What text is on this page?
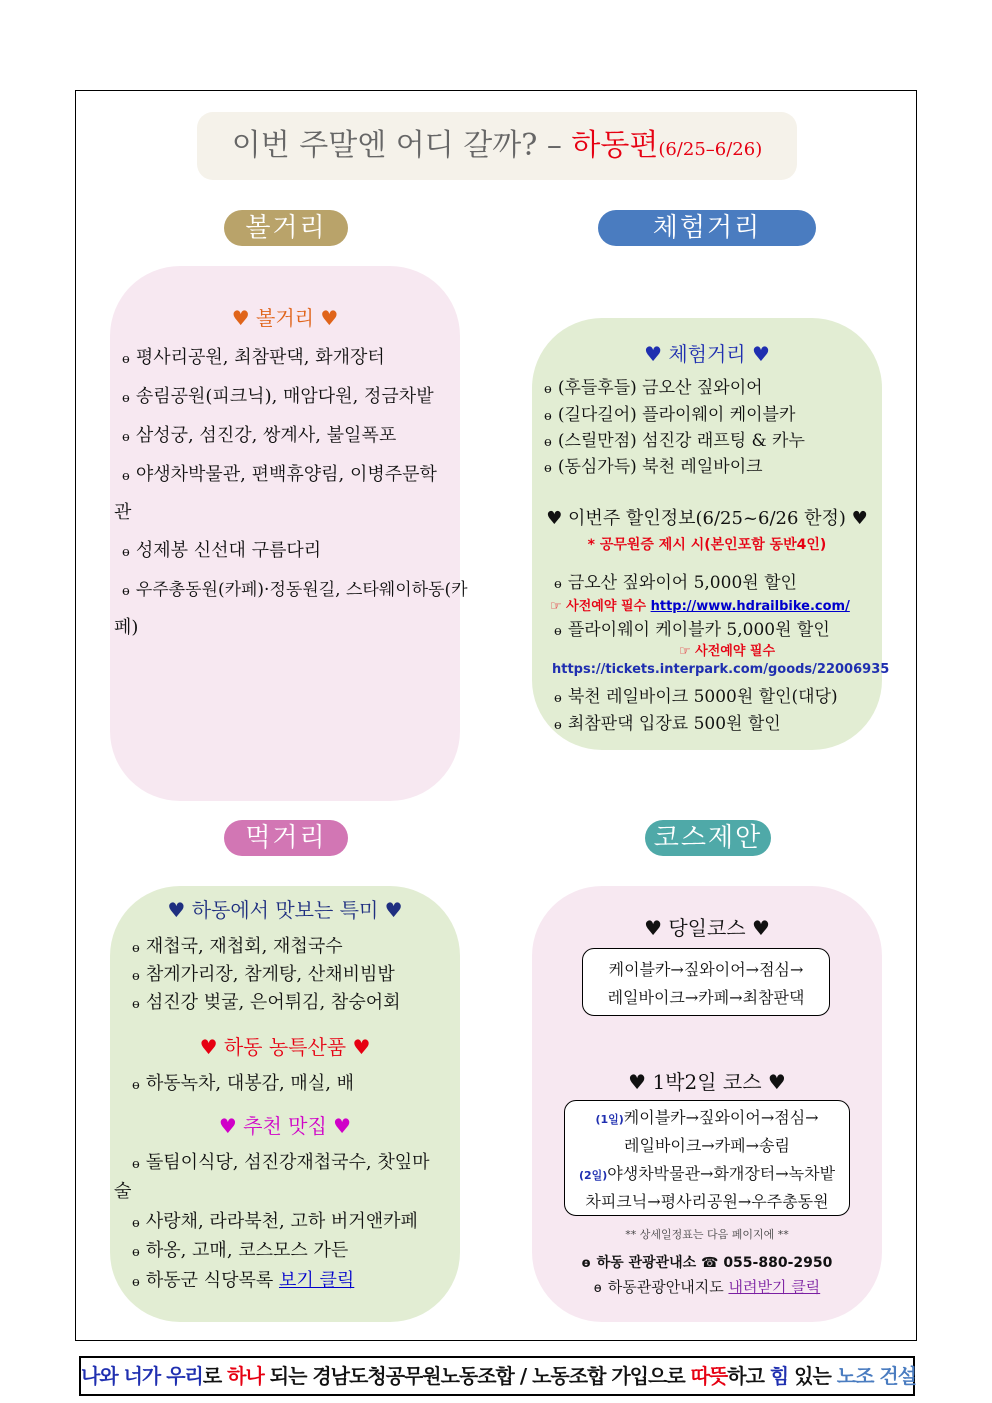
이번 주말엔 어디 갈까? – 하동편(6/25–6/26)
볼거리	체험거리
먹거리	코스제안
♥ 볼거리 ♥
ɵ 평사리공원, 최참판댁, 화개장터
ɵ 송림공원(피크닉), 매암다원, 정금차밭
ɵ 삼성궁, 섬진강, 쌍계사, 불일폭포
ɵ 야생차박물관, 편백휴양림, 이병주문학
관
ɵ 성제봉 신선대 구름다리
ɵ 우주총동원(카페)·정동원길, 스타웨이하동(카
페)
♥ 체험거리 ♥
ɵ (후들후들) 금오산 짚와이어
ɵ (길다길어) 플라이웨이 케이블카
ɵ (스릴만점) 섬진강 래프팅 & 카누
ɵ (동심가득) 북천 레일바이크
♥ 이번주 할인정보(6/25~6/26 한정) ♥
* 공무원증 제시 시(본인포함 동반4인)
ɵ 금오산 짚와이어 5,000원 할인
☞ 사전예약 필수 http://www.hdrailbike.com/
ɵ 플라이웨이 케이블카 5,000원 할인
☞ 사전예약 필수
https://tickets.interpark.com/goods/22006935
ɵ 북천 레일바이크 5000원 할인(대당)
ɵ 최참판댁 입장료 500원 할인
♥ 하동에서 맛보는 특미 ♥
ɵ 재첩국, 재첩회, 재첩국수
ɵ 참게가리장, 참게탕, 산채비빔밥
ɵ 섬진강 벚굴, 은어튀김, 참숭어회
♥ 하동 농특산품 ♥
ɵ 하동녹차, 대봉감, 매실, 배
♥ 추천 맛집 ♥
ɵ 돌팀이식당, 섬진강재첩국수, 찻잎마
술
ɵ 사랑채, 라라북천, 고하 버거앤카페
ɵ 하옹, 고매, 코스모스 가든
ɵ 하동군 식당목록 보기 클릭
♥ 당일코스 ♥
케이블카→짚와이어→점심→
레일바이크→카페→최참판댁
♥ 1박2일 코스 ♥
(1일)케이블카→짚와이어→점심→
레일바이크→카페→송림
(2일)야생차박물관→화개장터→녹차밭
차피크닉→평사리공원→우주총동원
** 상세일정표는 다음 페이지에 **
ɵ 하동 관광관내소 ☎ 055-880-2950
ɵ 하동관광안내지도 내려받기 클릭
나와 너가 우리로 하나 되는 경남도청공무원노동조합 / 노동조합 가입으로 따뜻하고 힘 있는 노조 건설
